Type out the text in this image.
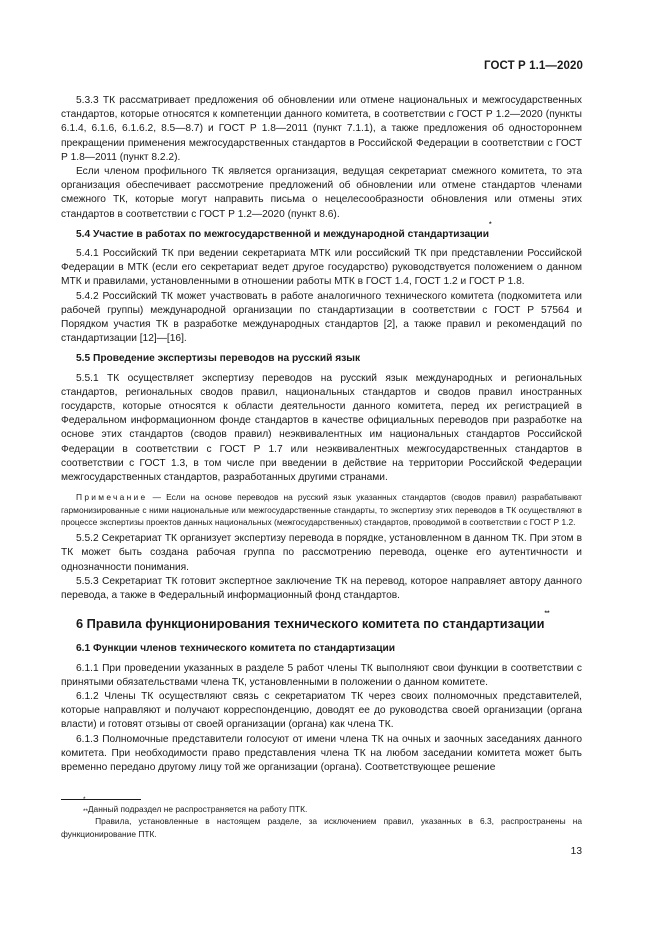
ГОСТ Р 1.1—2020

5.3.3 ТК рассматривает предложения об обновлении или отмене национальных и межгосударственных стандартов, которые относятся к компетенции данного комитета, в соответствии с ГОСТ Р 1.2—2020 (пункты 6.1.4, 6.1.6, 6.1.6.2, 8.5—8.7) и ГОСТ Р 1.8—2011 (пункт 7.1.1), а также предложения об одностороннем прекращении применения межгосударственных стандартов в Российской Федерации в соответствии с ГОСТ Р 1.8—2011 (пункт 8.2.2).

Если членом профильного ТК является организация, ведущая секретариат смежного комитета, то эта организация обеспечивает рассмотрение предложений об обновлении или отмене стандартов членами смежного ТК, которые могут направить письма о нецелесообразности обновления или отмены этих стандартов в соответствии с ГОСТ Р 1.2—2020 (пункт 8.6).

5.4 Участие в работах по межгосударственной и международной стандартизации*

5.4.1 Российский ТК при ведении секретариата МТК или российский ТК при представлении Российской Федерации в МТК (если его секретариат ведет другое государство) руководствуется положением о данном МТК и правилами, установленными в отношении работы МТК в ГОСТ 1.4, ГОСТ 1.2 и ГОСТ Р 1.8.

5.4.2 Российский ТК может участвовать в работе аналогичного технического комитета (подкомитета или рабочей группы) международной организации по стандартизации в соответствии с ГОСТ Р 57564 и Порядком участия ТК в разработке международных стандартов [2], а также правил и рекомендаций по стандартизации [12]—[16].

5.5 Проведение экспертизы переводов на русский язык

5.5.1 ТК осуществляет экспертизу переводов на русский язык международных и региональных стандартов, региональных сводов правил, национальных стандартов и сводов правил иностранных государств, которые относятся к области деятельности данного комитета, перед их регистрацией в Федеральном информационном фонде стандартов в качестве официальных переводов при разработке на основе этих стандартов (сводов правил) неэквивалентных им национальных стандартов Российской Федерации в соответствии с ГОСТ Р 1.7 или неэквивалентных межгосударственных стандартов в соответствии с ГОСТ 1.3, в том числе при введении в действие на территории Российской Федерации межгосударственных стандартов, разработанных другими странами.

Примечание — Если на основе переводов на русский язык указанных стандартов (сводов правил) разрабатывают гармонизированные с ними национальные или межгосударственные стандарты, то экспертизу этих переводов в ТК осуществляют в процессе экспертизы проектов данных национальных (межгосударственных) стандартов, проводимой в соответствии с ГОСТ Р 1.2.

5.5.2 Секретариат ТК организует экспертизу перевода в порядке, установленном в данном ТК. При этом в ТК может быть создана рабочая группа по рассмотрению перевода, оценке его аутентичности и однозначности понимания.

5.5.3 Секретариат ТК готовит экспертное заключение ТК на перевод, которое направляет автору данного перевода, а также в Федеральный информационный фонд стандартов.

6 Правила функционирования технического комитета по стандартизации**
6.1 Функции членов технического комитета по стандартизации

6.1.1 При проведении указанных в разделе 5 работ члены ТК выполняют свои функции в соответствии с принятыми обязательствами члена ТК, установленными в положении о данном комитете.

6.1.2 Члены ТК осуществляют связь с секретариатом ТК через своих полномочных представителей, которые направляют и получают корреспонденцию, доводят ее до руководства своей организации (органа власти) и готовят отзывы от своей организации (органа) как члена ТК.

6.1.3 Полномочные представители голосуют от имени члена ТК на очных и заочных заседаниях данного комитета. При необходимости право представления члена ТК на любом заседании комитета может быть временно передано другому лицу той же организации (органа). Соответствующее решение

* Данный подраздел не распространяется на работу ПТК.
** Правила, установленные в настоящем разделе, за исключением правил, указанных в 6.3, распространены на функционирование ПТК.
13
